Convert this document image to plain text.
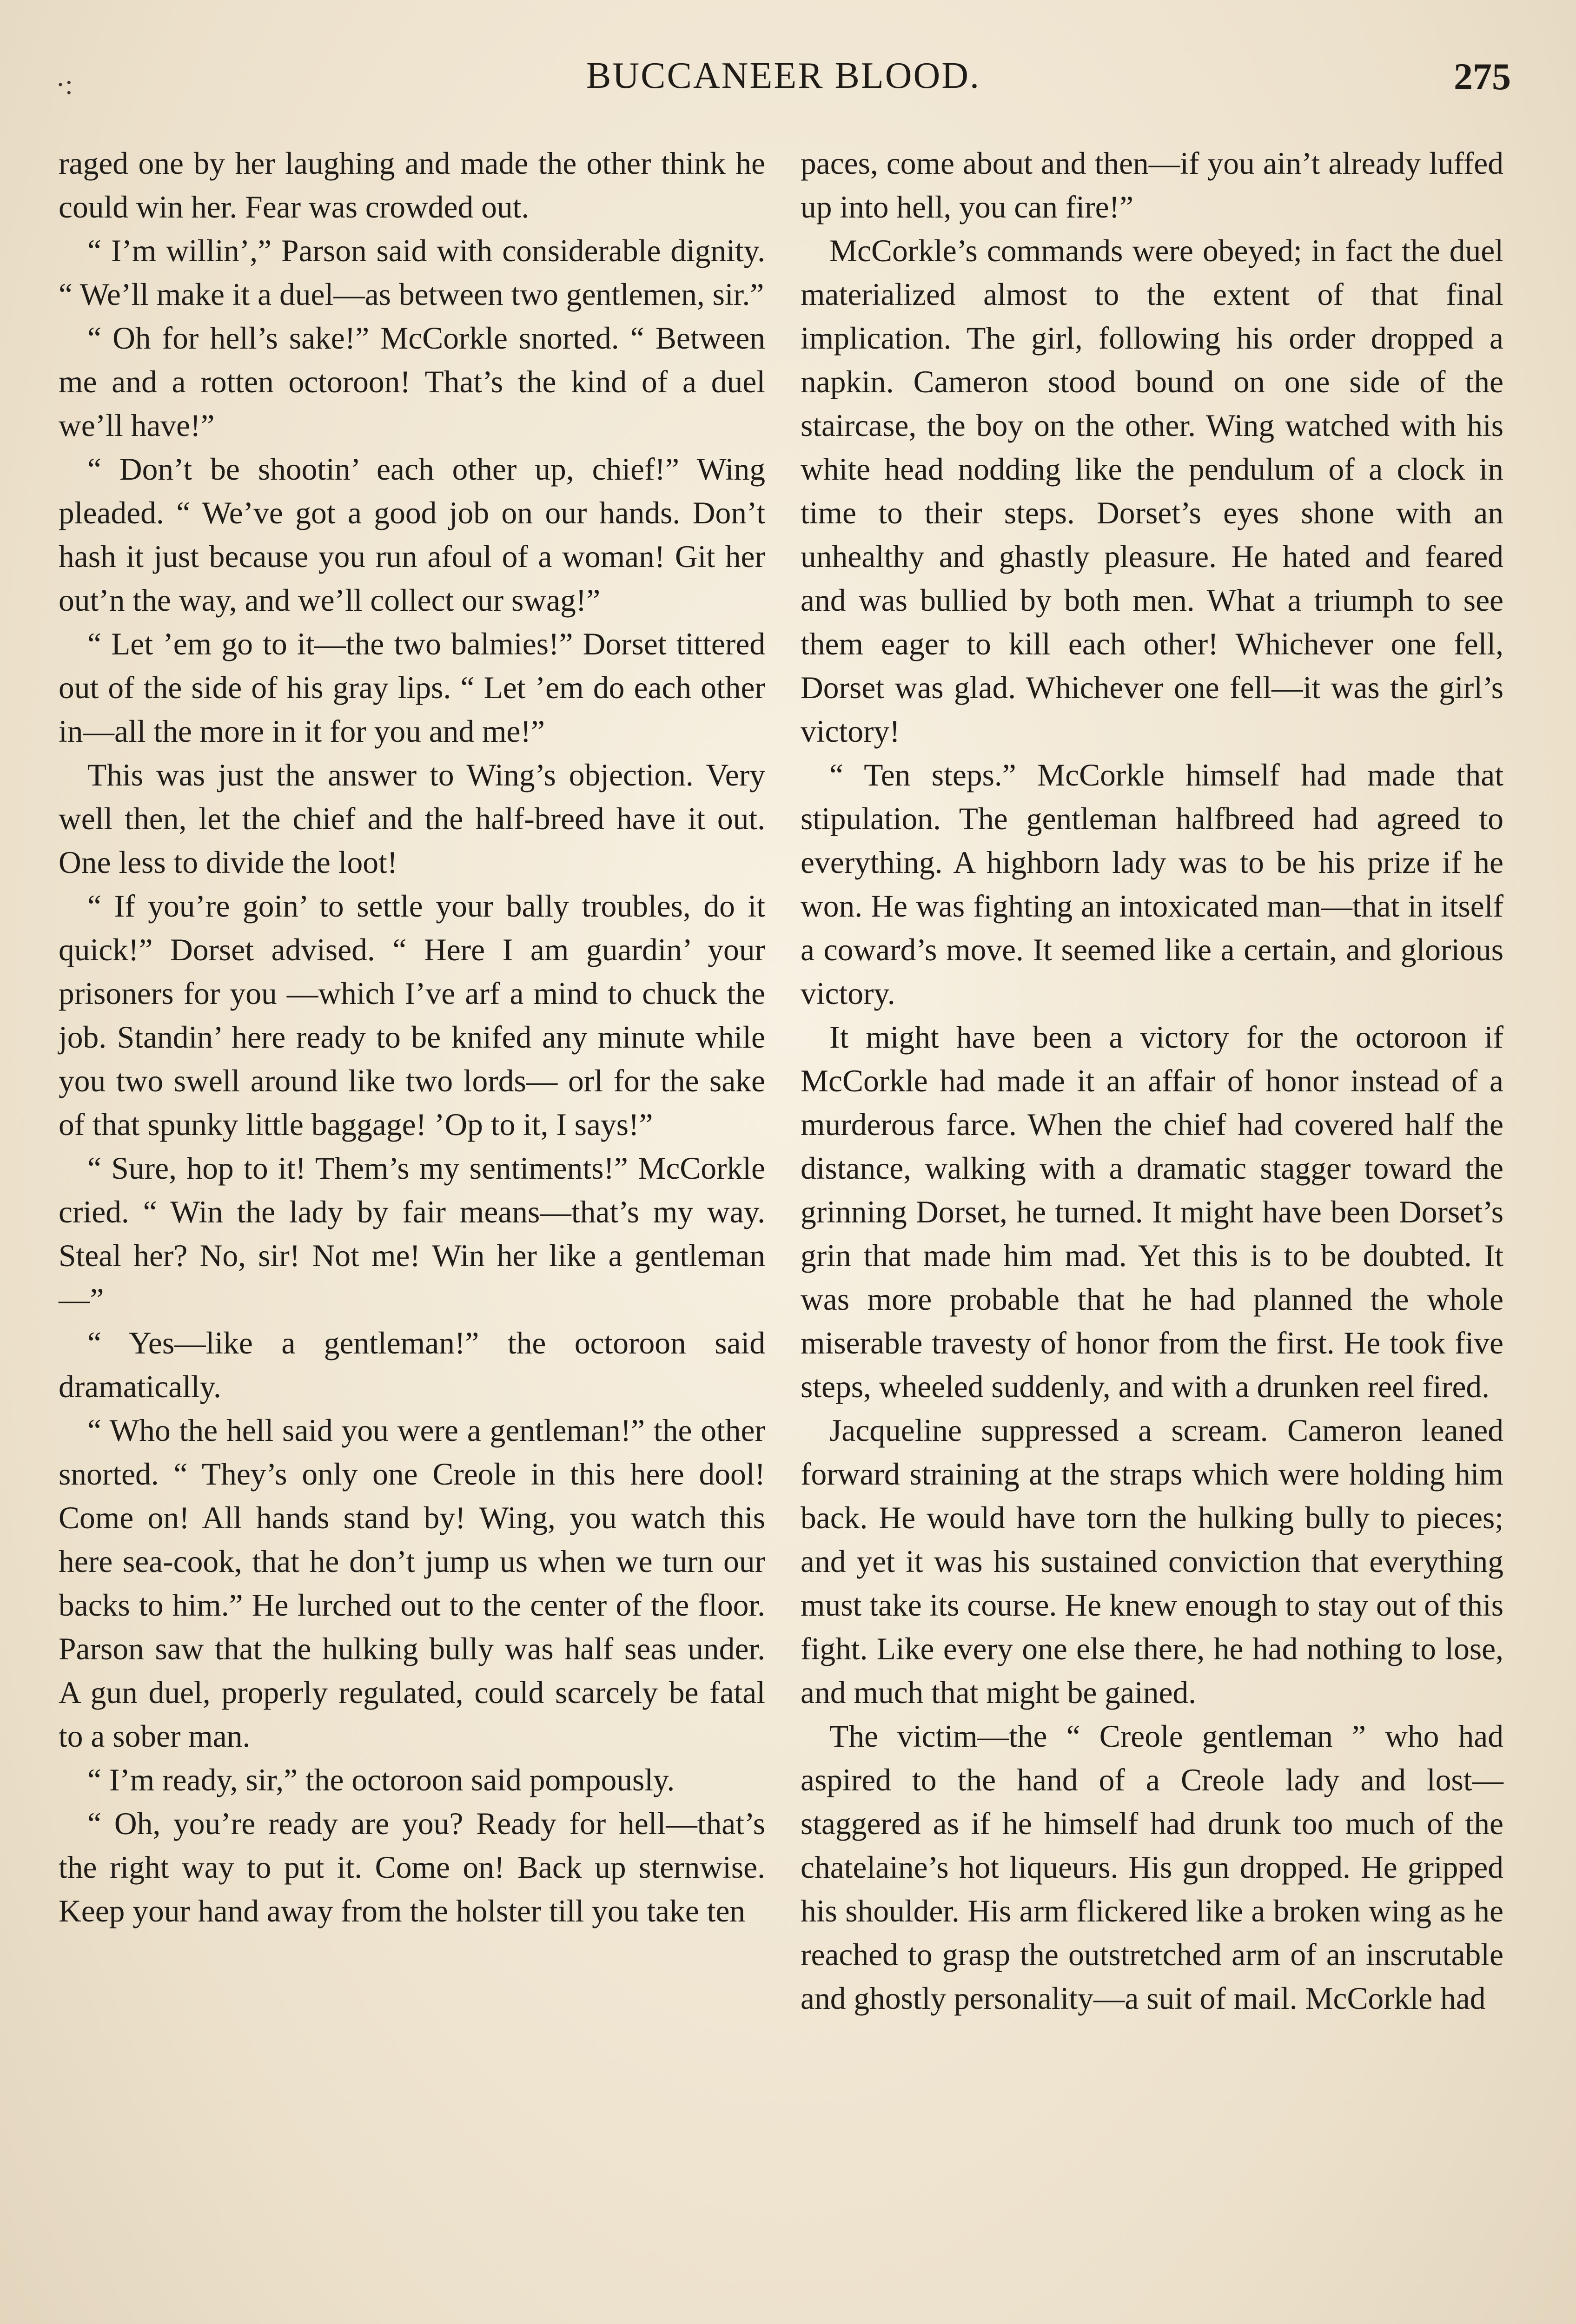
·:	BUCCANEER BLOOD.	275

raged one by her laughing and made the other think he could win her. Fear was crowded out.

“ I’m willin’,” Parson said with considerable dignity. “ We’ll make it a duel—as between two gentlemen, sir.”

“ Oh for hell’s sake!” McCorkle snorted. “ Between me and a rotten octoroon! That’s the kind of a duel we’ll have!”

“ Don’t be shootin’ each other up, chief!” Wing pleaded. “ We’ve got a good job on our hands. Don’t hash it just because you run afoul of a woman! Git her out’n the way, and we’ll collect our swag!”

“ Let ’em go to it—the two balmies!” Dorset tittered out of the side of his gray lips. “ Let ’em do each other in—all the more in it for you and me!”

This was just the answer to Wing’s objection. Very well then, let the chief and the half-breed have it out. One less to divide the loot!

“ If you’re goin’ to settle your bally troubles, do it quick!” Dorset advised. “ Here I am guardin’ your prisoners for you —which I’ve arf a mind to chuck the job. Standin’ here ready to be knifed any minute while you two swell around like two lords— orl for the sake of that spunky little baggage! ’Op to it, I says!”

“ Sure, hop to it! Them’s my sentiments!” McCorkle cried. “ Win the lady by fair means—that’s my way. Steal her? No, sir! Not me! Win her like a gentleman—”

“ Yes—like a gentleman!” the octoroon said dramatically.

“ Who the hell said you were a gentleman!” the other snorted. “ They’s only one Creole in this here dool! Come on! All hands stand by! Wing, you watch this here sea-cook, that he don’t jump us when we turn our backs to him.” He lurched out to the center of the floor. Parson saw that the hulking bully was half seas under. A gun duel, properly regulated, could scarcely be fatal to a sober man.

“ I’m ready, sir,” the octoroon said pompously.

“ Oh, you’re ready are you? Ready for hell—that’s the right way to put it. Come on! Back up sternwise. Keep your hand away from the holster till you take ten

paces, come about and then—if you ain’t already luffed up into hell, you can fire!”

McCorkle’s commands were obeyed; in fact the duel materialized almost to the extent of that final implication. The girl, following his order dropped a napkin. Cameron stood bound on one side of the staircase, the boy on the other. Wing watched with his white head nodding like the pendulum of a clock in time to their steps. Dorset’s eyes shone with an unhealthy and ghastly pleasure. He hated and feared and was bullied by both men. What a triumph to see them eager to kill each other! Whichever one fell, Dorset was glad. Whichever one fell—it was the girl’s victory!

“ Ten steps.” McCorkle himself had made that stipulation. The gentleman halfbreed had agreed to everything. A highborn lady was to be his prize if he won. He was fighting an intoxicated man—that in itself a coward’s move. It seemed like a certain, and glorious victory.

It might have been a victory for the octoroon if McCorkle had made it an affair of honor instead of a murderous farce. When the chief had covered half the distance, walking with a dramatic stagger toward the grinning Dorset, he turned. It might have been Dorset’s grin that made him mad. Yet this is to be doubted. It was more probable that he had planned the whole miserable travesty of honor from the first. He took five steps, wheeled suddenly, and with a drunken reel fired.

Jacqueline suppressed a scream. Cameron leaned forward straining at the straps which were holding him back. He would have torn the hulking bully to pieces; and yet it was his sustained conviction that everything must take its course. He knew enough to stay out of this fight. Like every one else there, he had nothing to lose, and much that might be gained.

The victim—the “ Creole gentleman ” who had aspired to the hand of a Creole lady and lost—staggered as if he himself had drunk too much of the chatelaine’s hot liqueurs. His gun dropped. He gripped his shoulder. His arm flickered like a broken wing as he reached to grasp the outstretched arm of an inscrutable and ghostly personality—a suit of mail. McCorkle had
